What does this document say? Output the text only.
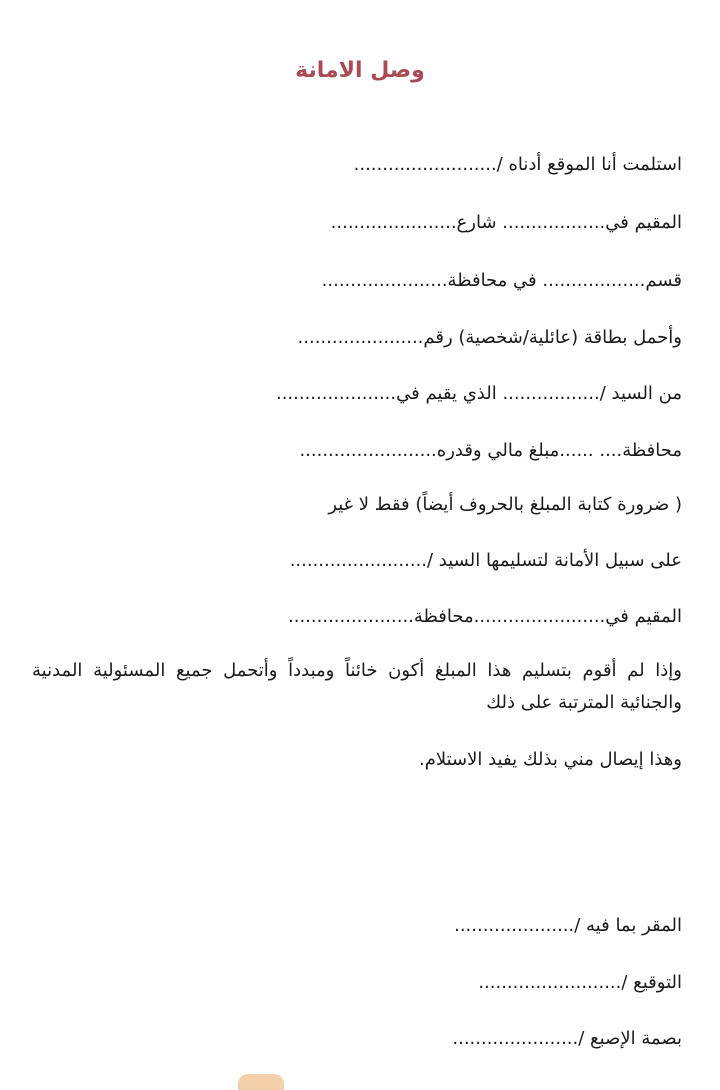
وصل الامانة
استلمت أنا الموقع أدناه /.........................
المقيم في.................. شارع......................
قسم.................. في محافظة......................
وأحمل بطاقة (عائلية/شخصية) رقم......................
من السيد /................. الذي يقيم في.....................
محافظة.... ......مبلغ مالي وقدره........................
( ضرورة كتابة المبلغ بالحروف أيضاً) فقط لا غير
على سبيل الأمانة لتسليمها السيد /........................
المقيم في.......................محافظة......................
وإذا لم أقوم بتسليم هذا المبلغ أكون خائناً ومبدداً وأتحمل جميع المسئولية المدنية والجنائية المترتبة على ذلك
وهذا إيصال مني بذلك يفيد الاستلام.
المقر بما فيه /.....................
التوقيع /.........................
بصمة الإصبع /......................
